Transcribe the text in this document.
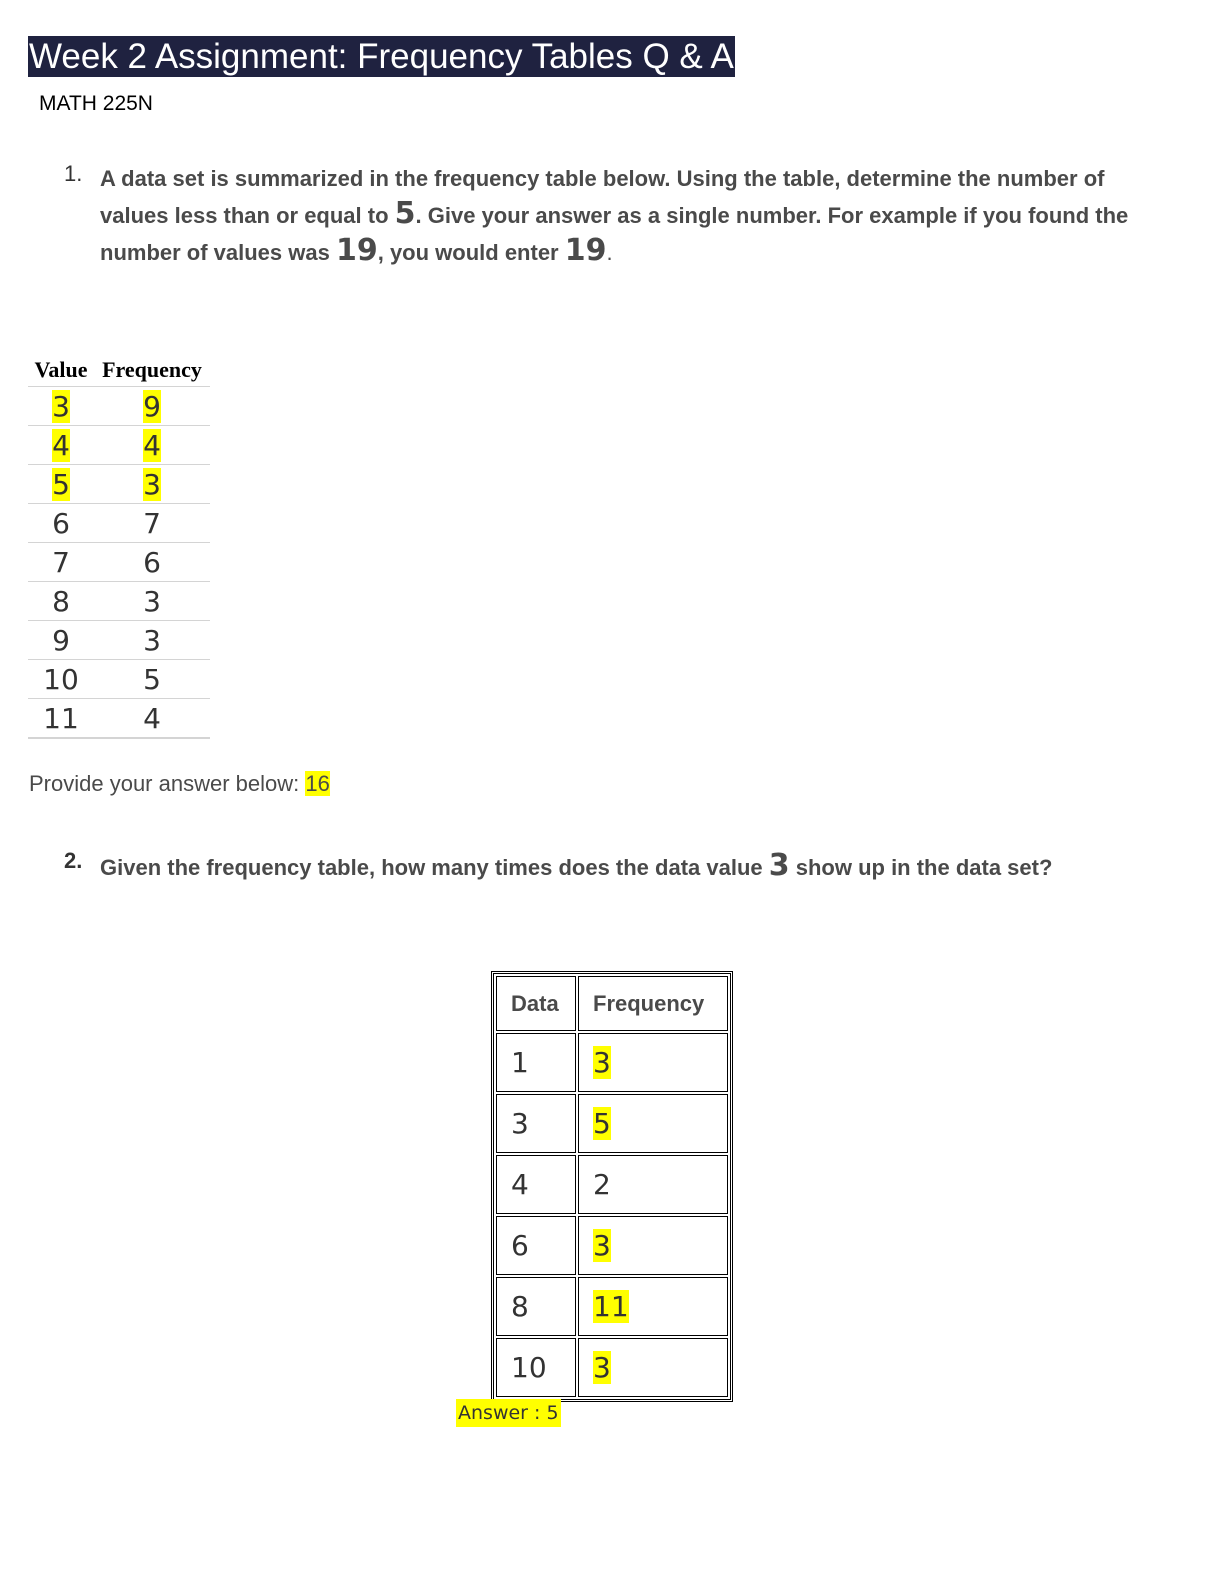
Week 2 Assignment: Frequency Tables Q & A
MATH 225N
1. A data set is summarized in the frequency table below. Using the table, determine the number of values less than or equal to 5. Give your answer as a single number. For example if you found the number of values was 19, you would enter 19.
Value	Frequency
3	9
4	4
5	3
6	7
7	6
8	3
9	3
10	5
11	4
Provide your answer below: 16
2. Given the frequency table, how many times does the data value 3 show up in the data set?
Data	Frequency
1	3
3	5
4	2
6	3
8	11
10	3
Answer : 5
